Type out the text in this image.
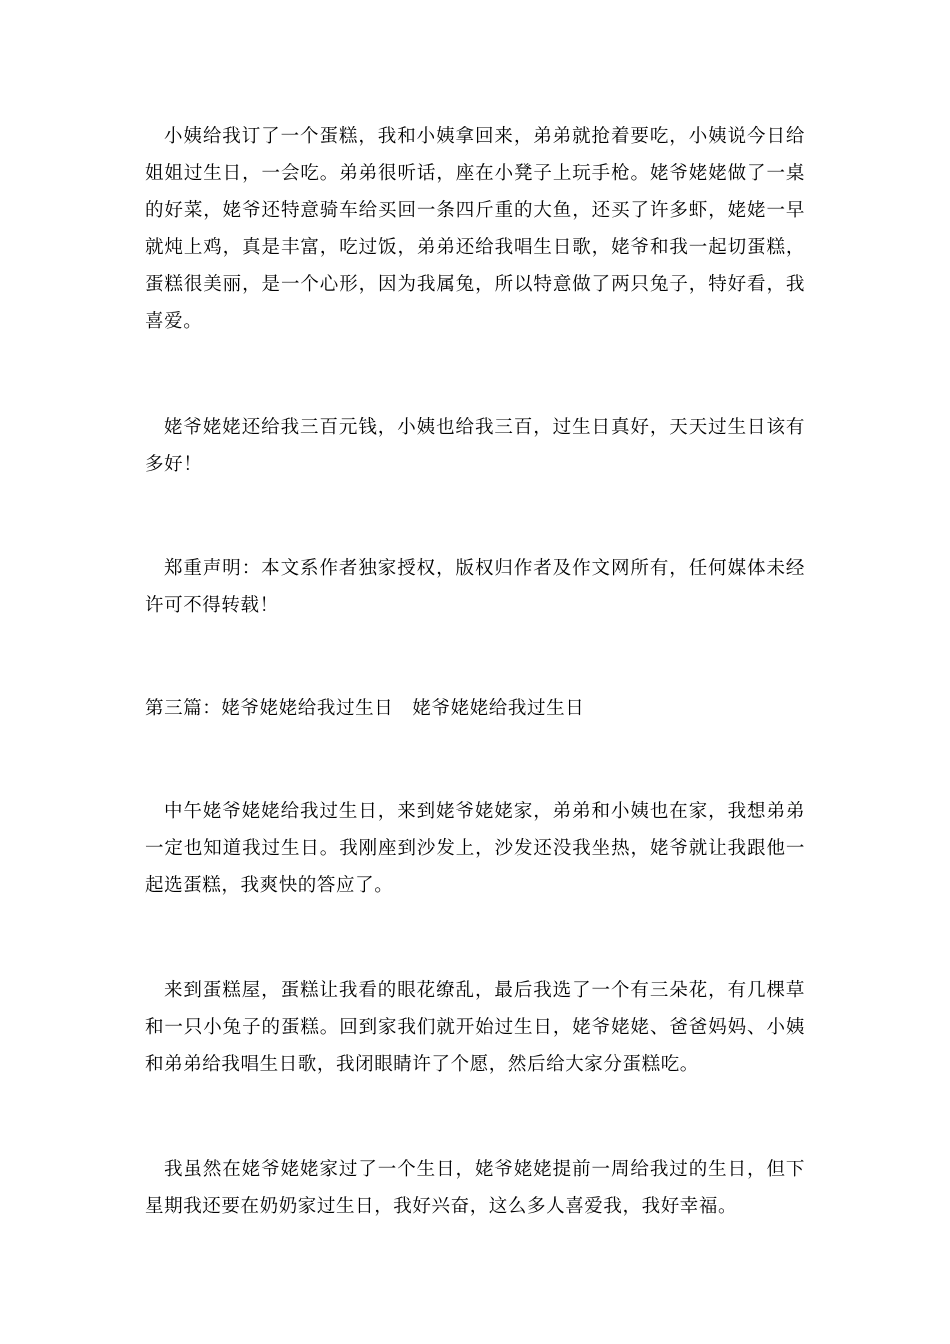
小姨给我订了一个蛋糕，我和小姨拿回来，弟弟就抢着要吃，小姨说今日给姐姐过生日，一会吃。弟弟很听话，座在小凳子上玩手枪。姥爷姥姥做了一桌的好菜，姥爷还特意骑车给买回一条四斤重的大鱼，还买了许多虾，姥姥一早就炖上鸡，真是丰富，吃过饭，弟弟还给我唱生日歌，姥爷和我一起切蛋糕，蛋糕很美丽，是一个心形，因为我属兔，所以特意做了两只兔子，特好看，我喜爱。

姥爷姥姥还给我三百元钱，小姨也给我三百，过生日真好，天天过生日该有多好！

郑重声明：本文系作者独家授权，版权归作者及作文网所有，任何媒体未经许可不得转载！

第三篇：姥爷姥姥给我过生日　姥爷姥姥给我过生日

中午姥爷姥姥给我过生日，来到姥爷姥姥家，弟弟和小姨也在家，我想弟弟一定也知道我过生日。我刚座到沙发上，沙发还没我坐热，姥爷就让我跟他一起选蛋糕，我爽快的答应了。

来到蛋糕屋，蛋糕让我看的眼花缭乱，最后我选了一个有三朵花，有几棵草和一只小兔子的蛋糕。回到家我们就开始过生日，姥爷姥姥、爸爸妈妈、小姨和弟弟给我唱生日歌，我闭眼睛许了个愿，然后给大家分蛋糕吃。

我虽然在姥爷姥姥家过了一个生日，姥爷姥姥提前一周给我过的生日，但下星期我还要在奶奶家过生日，我好兴奋，这么多人喜爱我，我好幸福。
